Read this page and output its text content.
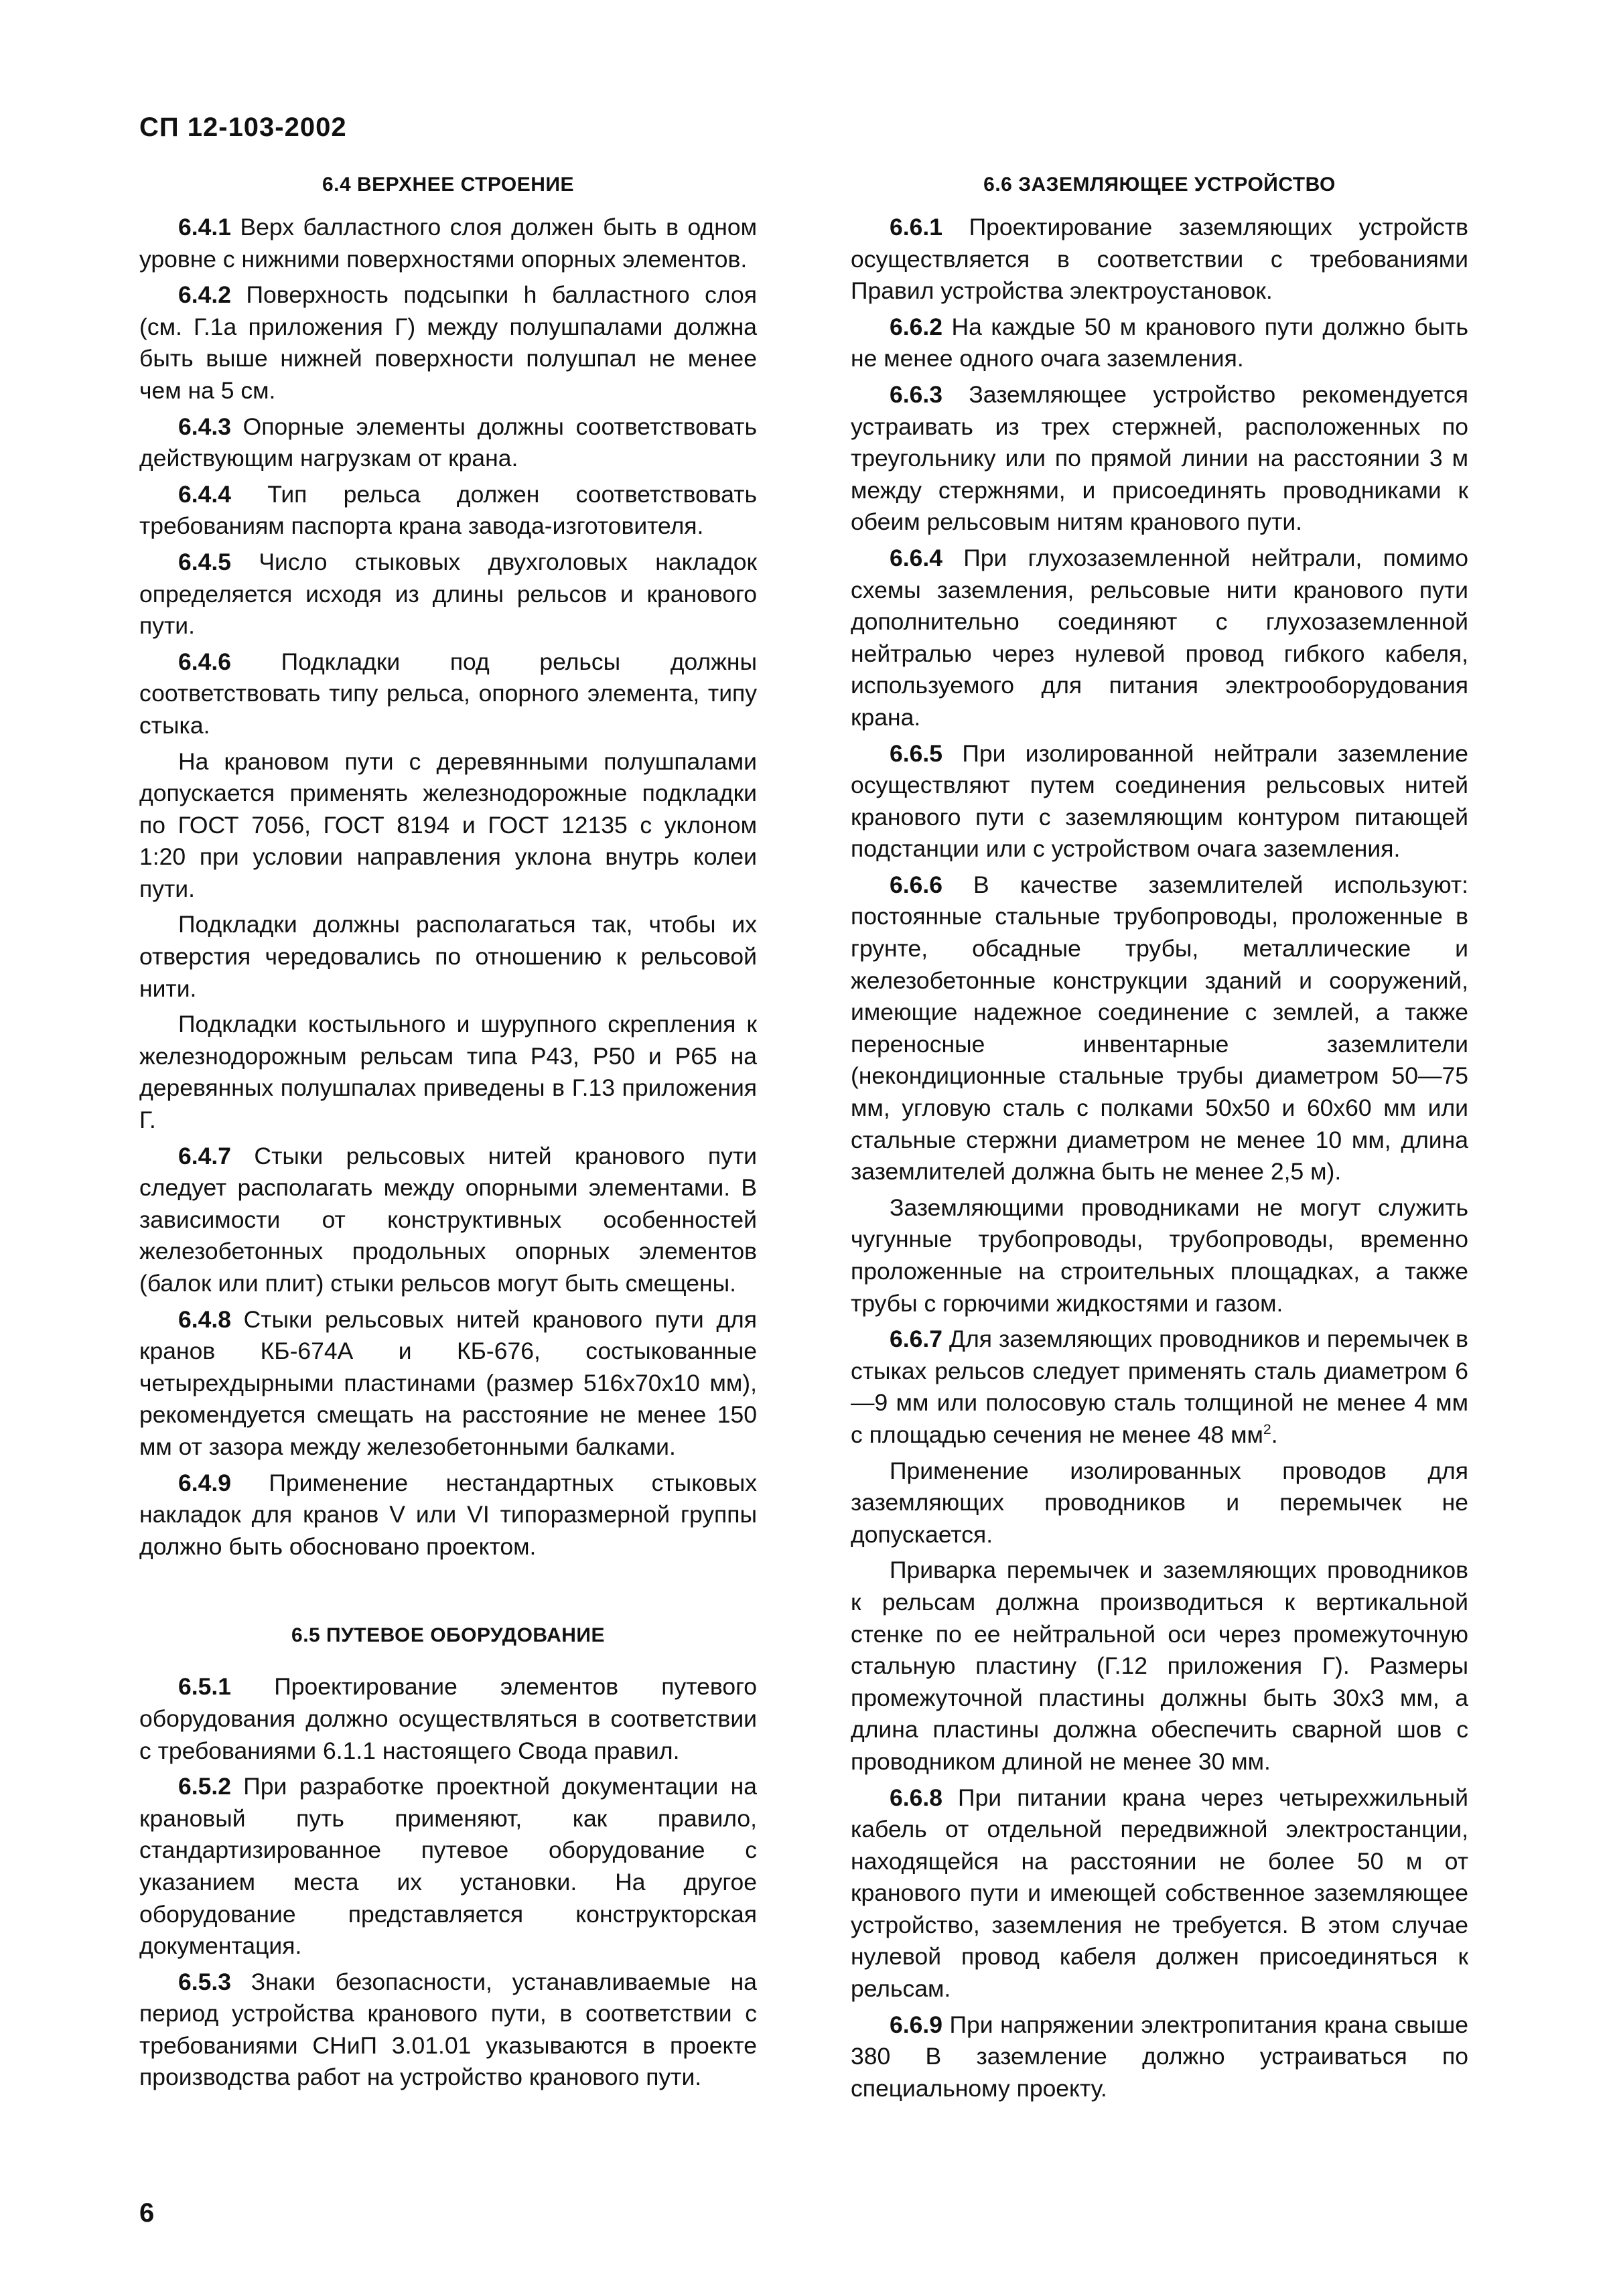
СП 12-103-2002
6.4 ВЕРХНЕЕ СТРОЕНИЕ

6.4.1 Верх балластного слоя должен быть в одном уровне с нижними поверхностями опорных элементов.

6.4.2 Поверхность подсыпки h балластного слоя (см. Г.1а приложения Г) между полушпалами должна быть выше нижней поверхности полушпал не менее чем на 5 см.

6.4.3 Опорные элементы должны соответствовать действующим нагрузкам от крана.

6.4.4 Тип рельса должен соответствовать требованиям паспорта крана завода-изготовителя.

6.4.5 Число стыковых двухголовых накладок определяется исходя из длины рельсов и кранового пути.

6.4.6 Подкладки под рельсы должны соответствовать типу рельса, опорного элемента, типу стыка.

На крановом пути с деревянными полушпалами допускается применять железнодорожные подкладки по ГОСТ 7056, ГОСТ 8194 и ГОСТ 12135 с уклоном 1:20 при условии направления уклона внутрь колеи пути.

Подкладки должны располагаться так, чтобы их отверстия чередовались по отношению к рельсовой нити.

Подкладки костыльного и шурупного скрепления к железнодорожным рельсам типа Р43, Р50 и Р65 на деревянных полушпалах приведены в Г.13 приложения Г.

6.4.7 Стыки рельсовых нитей кранового пути следует располагать между опорными элементами. В зависимости от конструктивных особенностей железобетонных продольных опорных элементов (балок или плит) стыки рельсов могут быть смещены.

6.4.8 Стыки рельсовых нитей кранового пути для кранов КБ-674А и КБ-676, состыкованные четырехдырными пластинами (размер 516х70х10 мм), рекомендуется смещать на расстояние не менее 150 мм от зазора между железобетонными балками.

6.4.9 Применение нестандартных стыковых накладок для кранов V или VI типоразмерной группы должно быть обосновано проектом.

6.5 ПУТЕВОЕ ОБОРУДОВАНИЕ

6.5.1 Проектирование элементов путевого оборудования должно осуществляться в соответствии с требованиями 6.1.1 настоящего Свода правил.

6.5.2 При разработке проектной документации на крановый путь применяют, как правило, стандартизированное путевое оборудование с указанием места их установки. На другое оборудование представляется конструкторская документация.

6.5.3 Знаки безопасности, устанавливаемые на период устройства кранового пути, в соответствии с требованиями СНиП 3.01.01 указываются в проекте производства работ на устройство кранового пути.

6.6 ЗАЗЕМЛЯЮЩЕЕ УСТРОЙСТВО

6.6.1 Проектирование заземляющих устройств осуществляется в соответствии с требованиями Правил устройства электроустановок.

6.6.2 На каждые 50 м кранового пути должно быть не менее одного очага заземления.

6.6.3 Заземляющее устройство рекомендуется устраивать из трех стержней, расположенных по треугольнику или по прямой линии на расстоянии 3 м между стержнями, и присоединять проводниками к обеим рельсовым нитям кранового пути.

6.6.4 При глухозаземленной нейтрали, помимо схемы заземления, рельсовые нити кранового пути дополнительно соединяют с глухозаземленной нейтралью через нулевой провод гибкого кабеля, используемого для питания электрооборудования крана.

6.6.5 При изолированной нейтрали заземление осуществляют путем соединения рельсовых нитей кранового пути с заземляющим контуром питающей подстанции или с устройством очага заземления.

6.6.6 В качестве заземлителей используют: постоянные стальные трубопроводы, проложенные в грунте, обсадные трубы, металлические и железобетонные конструкции зданий и сооружений, имеющие надежное соединение с землей, а также переносные инвентарные заземлители (некондиционные стальные трубы диаметром 50—75 мм, угловую сталь с полками 50х50 и 60х60 мм или стальные стержни диаметром не менее 10 мм, длина заземлителей должна быть не менее 2,5 м).

Заземляющими проводниками не могут служить чугунные трубопроводы, трубопроводы, временно проложенные на строительных площадках, а также трубы с горючими жидкостями и газом.

6.6.7 Для заземляющих проводников и перемычек в стыках рельсов следует применять сталь диаметром 6—9 мм или полосовую сталь толщиной не менее 4 мм с площадью сечения не менее 48 $мм^2$.

Применение изолированных проводов для заземляющих проводников и перемычек не допускается.

Приварка перемычек и заземляющих проводников к рельсам должна производиться к вертикальной стенке по ее нейтральной оси через промежуточную стальную пластину (Г.12 приложения Г). Размеры промежуточной пластины должны быть 30х3 мм, а длина пластины должна обеспечить сварной шов с проводником длиной не менее 30 мм.

6.6.8 При питании крана через четырехжильный кабель от отдельной передвижной электростанции, находящейся на расстоянии не более 50 м от кранового пути и имеющей собственное заземляющее устройство, заземления не требуется. В этом случае нулевой провод кабеля должен присоединяться к рельсам.

6.6.9 При напряжении электропитания крана свыше 380 В заземление должно устраиваться по специальному проекту.

6
